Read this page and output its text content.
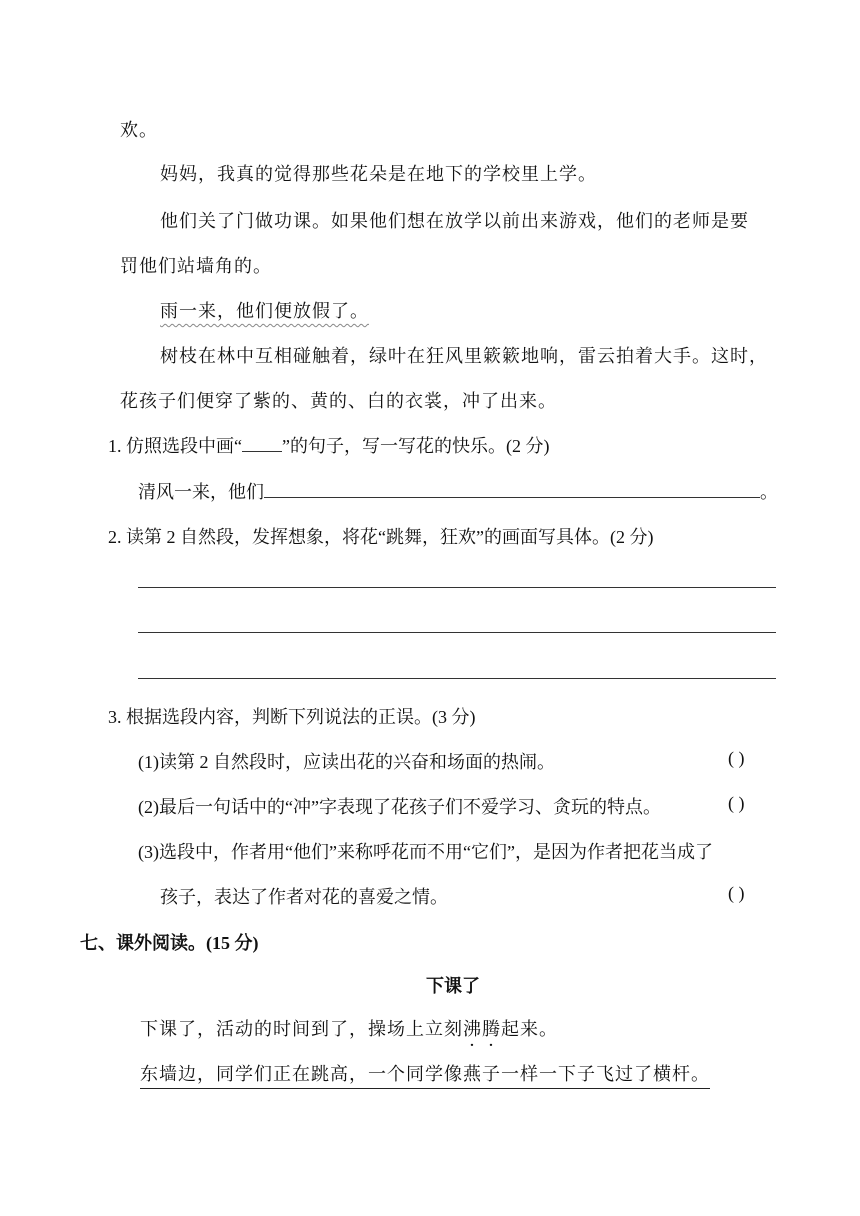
欢。
妈妈，我真的觉得那些花朵是在地下的学校里上学。
他们关了门做功课。如果他们想在放学以前出来游戏，他们的老师是要
罚他们站墙角的。
雨一来，他们便放假了。
树枝在林中互相碰触着，绿叶在狂风里簌簌地响，雷云拍着大手。这时，
花孩子们便穿了紫的、黄的、白的衣裳，冲了出来。
1. 仿照选段中画“ ”的句子，写一写花的快乐。(2 分)
清风一来，他们	。
2. 读第 2 自然段，发挥想象，将花“跳舞，狂欢”的画面写具体。(2 分)
3. 根据选段内容，判断下列说法的正误。(3 分)
(1)读第 2 自然段时，应读出花的兴奋和场面的热闹。	( )
(2)最后一句话中的“冲”字表现了花孩子们不爱学习、贪玩的特点。	( )
(3)选段中，作者用“他们”来称呼花而不用“它们”，是因为作者把花当成了
孩子，表达了作者对花的喜爱之情。	( )
七、课外阅读。(15 分)
下课了
下课了，活动的时间到了，操场上立刻沸腾起来。
东墙边，同学们正在跳高，一个同学像燕子一样一下子飞过了横杆。
